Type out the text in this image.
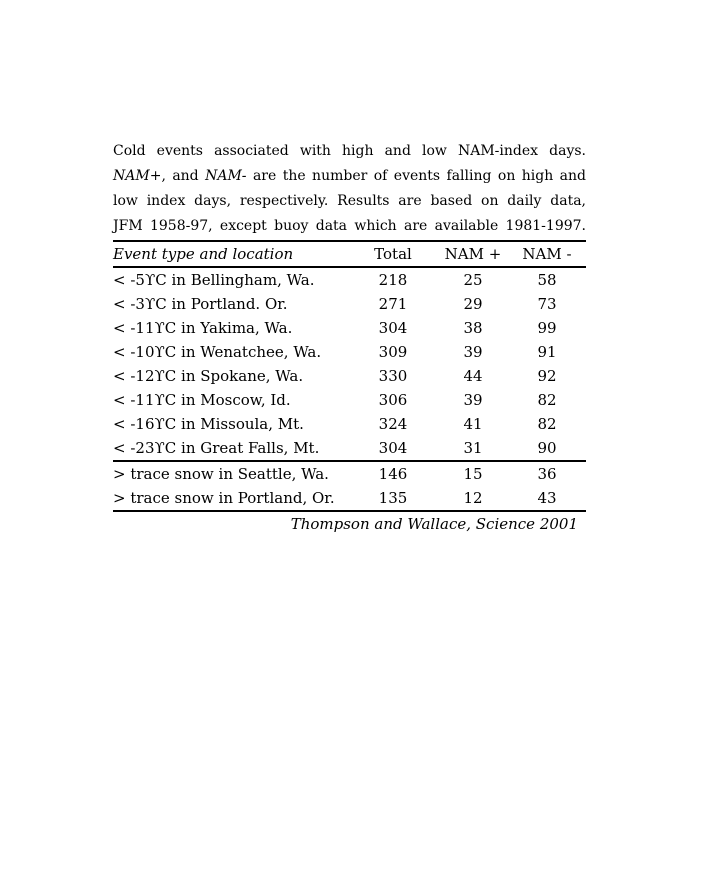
Cold events associated with high and low NAM-index days.
NAM+, and NAM- are the number of events falling on high and
low index days, respectively. Results are based on daily data,
JFM 1958-97, except buoy data which are available 1981-1997.
Event type and location	Total	NAM +	NAM -
< -5ϒC in Bellingham, Wa.	218	25	58
< -3ϒC in Portland. Or.	271	29	73
< -11ϒC in Yakima, Wa.	304	38	99
< -10ϒC in Wenatchee, Wa.	309	39	91
< -12ϒC in Spokane, Wa.	330	44	92
< -11ϒC in Moscow, Id.	306	39	82
< -16ϒC in Missoula, Mt.	324	41	82
< -23ϒC in Great Falls, Mt.	304	31	90
> trace snow in Seattle, Wa.	146	15	36
> trace snow in Portland, Or.	135	12	43
Thompson and Wallace, Science 2001
